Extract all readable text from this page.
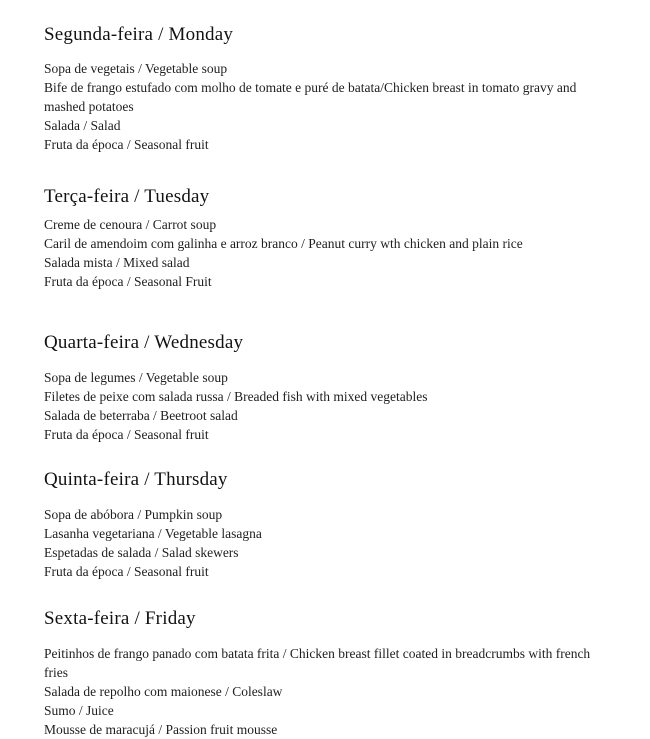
Segunda-feira / Monday

Sopa de vegetais / Vegetable soup

Bife de frango estufado com molho de tomate e puré de batata/Chicken breast in tomato gravy and mashed potatoes

Salada / Salad

Fruta da época / Seasonal fruit

Terça-feira / Tuesday

Creme de cenoura / Carrot soup

Caril de amendoim com galinha e arroz branco / Peanut curry wth chicken and plain rice

Salada mista / Mixed salad

Fruta da época / Seasonal Fruit

Quarta-feira / Wednesday

Sopa de legumes / Vegetable soup

Filetes de peixe com salada russa / Breaded fish with mixed vegetables

Salada de beterraba / Beetroot salad

Fruta da época / Seasonal fruit

Quinta-feira / Thursday

Sopa de abóbora / Pumpkin soup

Lasanha vegetariana / Vegetable lasagna

Espetadas de salada / Salad skewers

Fruta da época / Seasonal fruit

Sexta-feira / Friday

Peitinhos de frango panado com batata frita / Chicken breast fillet coated in breadcrumbs with french fries

Salada de repolho com maionese / Coleslaw

Sumo / Juice

Mousse de maracujá / Passion fruit mousse
